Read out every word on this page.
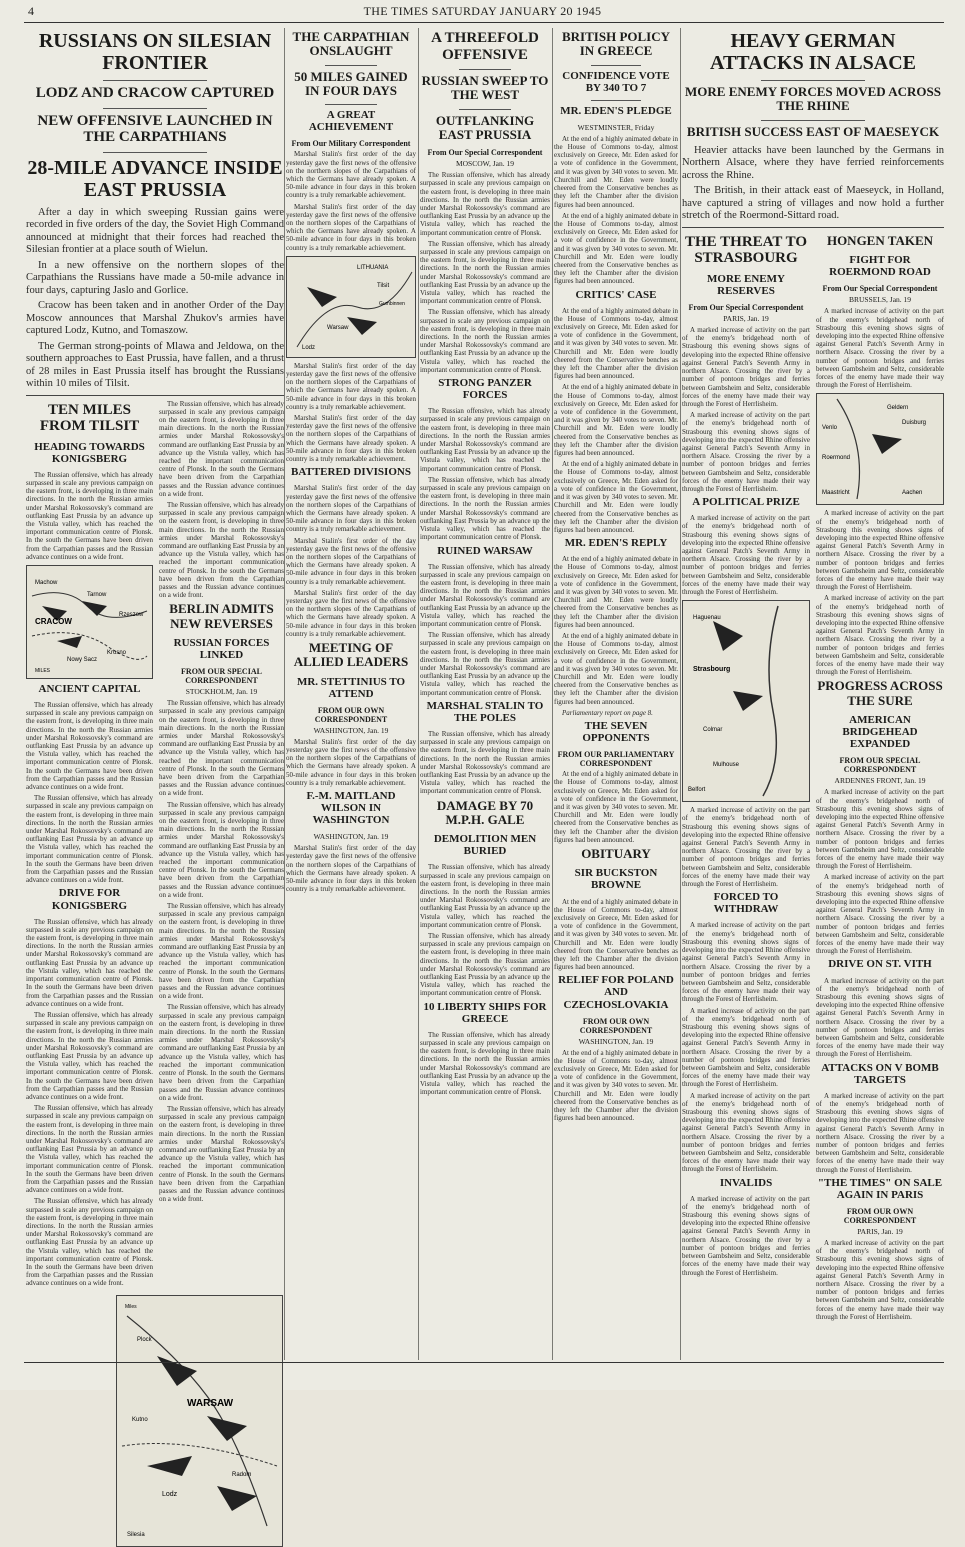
4	THE TIMES SATURDAY JANUARY 20 1945
RUSSIANS ON SILESIAN FRONTIER
LODZ AND CRACOW CAPTURED
NEW OFFENSIVE LAUNCHED IN THE CARPATHIANS
28-MILE ADVANCE INSIDE EAST PRUSSIA

After a day in which sweeping Russian gains were recorded in five orders of the day, the Soviet High Command announced at midnight that their forces had reached the Silesian frontier at a place south of Wielun.

In a new offensive on the northern slopes of the Carpathians the Russians have made a 50-mile advance in four days, capturing Jaslo and Gorlice.

Cracow has been taken and in another Order of the Day Moscow announces that Marshal Zhukov's armies have captured Lodz, Kutno, and Tomaszow.

The German strong-points of Mlawa and Jeldowa, on the southern approaches to East Prussia, have fallen, and a thrust of 28 miles in East Prussia itself has brought the Russians within 10 miles of Tilsit.

TEN MILES FROM TILSIT
HEADING TOWARDS KONIGSBERG

The Russian offensive, which has already surpassed in scale any previous campaign on the eastern front, is developing in three main directions. In the north the Russian armies under Marshal Rokossovsky's command are outflanking East Prussia by an advance up the Vistula valley, which has reached the important communication centre of Plonsk. In the south the Germans have been driven from the Carpathian passes and the Russian advance continues on a wide front.

CRACOW
Machow
Tarnow
Rzeszow
Nowy Sacz
Krosno
MILES
ANCIENT CAPITAL

The Russian offensive, which has already surpassed in scale any previous campaign on the eastern front, is developing in three main directions. In the north the Russian armies under Marshal Rokossovsky's command are outflanking East Prussia by an advance up the Vistula valley, which has reached the important communication centre of Plonsk. In the south the Germans have been driven from the Carpathian passes and the Russian advance continues on a wide front.

The Russian offensive, which has already surpassed in scale any previous campaign on the eastern front, is developing in three main directions. In the north the Russian armies under Marshal Rokossovsky's command are outflanking East Prussia by an advance up the Vistula valley, which has reached the important communication centre of Plonsk. In the south the Germans have been driven from the Carpathian passes and the Russian advance continues on a wide front.

DRIVE FOR KONIGSBERG

The Russian offensive, which has already surpassed in scale any previous campaign on the eastern front, is developing in three main directions. In the north the Russian armies under Marshal Rokossovsky's command are outflanking East Prussia by an advance up the Vistula valley, which has reached the important communication centre of Plonsk. In the south the Germans have been driven from the Carpathian passes and the Russian advance continues on a wide front.

The Russian offensive, which has already surpassed in scale any previous campaign on the eastern front, is developing in three main directions. In the north the Russian armies under Marshal Rokossovsky's command are outflanking East Prussia by an advance up the Vistula valley, which has reached the important communication centre of Plonsk. In the south the Germans have been driven from the Carpathian passes and the Russian advance continues on a wide front.

The Russian offensive, which has already surpassed in scale any previous campaign on the eastern front, is developing in three main directions. In the north the Russian armies under Marshal Rokossovsky's command are outflanking East Prussia by an advance up the Vistula valley, which has reached the important communication centre of Plonsk. In the south the Germans have been driven from the Carpathian passes and the Russian advance continues on a wide front.

The Russian offensive, which has already surpassed in scale any previous campaign on the eastern front, is developing in three main directions. In the north the Russian armies under Marshal Rokossovsky's command are outflanking East Prussia by an advance up the Vistula valley, which has reached the important communication centre of Plonsk. In the south the Germans have been driven from the Carpathian passes and the Russian advance continues on a wide front.

The Russian offensive, which has already surpassed in scale any previous campaign on the eastern front, is developing in three main directions. In the north the Russian armies under Marshal Rokossovsky's command are outflanking East Prussia by an advance up the Vistula valley, which has reached the important communication centre of Plonsk. In the south the Germans have been driven from the Carpathian passes and the Russian advance continues on a wide front.

The Russian offensive, which has already surpassed in scale any previous campaign on the eastern front, is developing in three main directions. In the north the Russian armies under Marshal Rokossovsky's command are outflanking East Prussia by an advance up the Vistula valley, which has reached the important communication centre of Plonsk. In the south the Germans have been driven from the Carpathian passes and the Russian advance continues on a wide front.

BERLIN ADMITS NEW REVERSES
RUSSIAN FORCES LINKED
FROM OUR SPECIAL CORRESPONDENT
STOCKHOLM, Jan. 19

The Russian offensive, which has already surpassed in scale any previous campaign on the eastern front, is developing in three main directions. In the north the Russian armies under Marshal Rokossovsky's command are outflanking East Prussia by an advance up the Vistula valley, which has reached the important communication centre of Plonsk. In the south the Germans have been driven from the Carpathian passes and the Russian advance continues on a wide front.

The Russian offensive, which has already surpassed in scale any previous campaign on the eastern front, is developing in three main directions. In the north the Russian armies under Marshal Rokossovsky's command are outflanking East Prussia by an advance up the Vistula valley, which has reached the important communication centre of Plonsk. In the south the Germans have been driven from the Carpathian passes and the Russian advance continues on a wide front.

The Russian offensive, which has already surpassed in scale any previous campaign on the eastern front, is developing in three main directions. In the north the Russian armies under Marshal Rokossovsky's command are outflanking East Prussia by an advance up the Vistula valley, which has reached the important communication centre of Plonsk. In the south the Germans have been driven from the Carpathian passes and the Russian advance continues on a wide front.

The Russian offensive, which has already surpassed in scale any previous campaign on the eastern front, is developing in three main directions. In the north the Russian armies under Marshal Rokossovsky's command are outflanking East Prussia by an advance up the Vistula valley, which has reached the important communication centre of Plonsk. In the south the Germans have been driven from the Carpathian passes and the Russian advance continues on a wide front.

The Russian offensive, which has already surpassed in scale any previous campaign on the eastern front, is developing in three main directions. In the north the Russian armies under Marshal Rokossovsky's command are outflanking East Prussia by an advance up the Vistula valley, which has reached the important communication centre of Plonsk. In the south the Germans have been driven from the Carpathian passes and the Russian advance continues on a wide front.

WARSAW
Plock
Kutno
Lodz
Radom
Silesia
Miles
THE CARPATHIAN ONSLAUGHT
50 MILES GAINED IN FOUR DAYS
A GREAT ACHIEVEMENT
From Our Military Correspondent

Marshal Stalin's first order of the day yesterday gave the first news of the offensive on the northern slopes of the Carpathians of which the Germans have already spoken. A 50-mile advance in four days in this broken country is a truly remarkable achievement.

Marshal Stalin's first order of the day yesterday gave the first news of the offensive on the northern slopes of the Carpathians of which the Germans have already spoken. A 50-mile advance in four days in this broken country is a truly remarkable achievement.

LITHUANIA
Tilsit
Gumbinnen
Warsaw
Lodz

Marshal Stalin's first order of the day yesterday gave the first news of the offensive on the northern slopes of the Carpathians of which the Germans have already spoken. A 50-mile advance in four days in this broken country is a truly remarkable achievement.

Marshal Stalin's first order of the day yesterday gave the first news of the offensive on the northern slopes of the Carpathians of which the Germans have already spoken. A 50-mile advance in four days in this broken country is a truly remarkable achievement.

BATTERED DIVISIONS

Marshal Stalin's first order of the day yesterday gave the first news of the offensive on the northern slopes of the Carpathians of which the Germans have already spoken. A 50-mile advance in four days in this broken country is a truly remarkable achievement.

Marshal Stalin's first order of the day yesterday gave the first news of the offensive on the northern slopes of the Carpathians of which the Germans have already spoken. A 50-mile advance in four days in this broken country is a truly remarkable achievement.

Marshal Stalin's first order of the day yesterday gave the first news of the offensive on the northern slopes of the Carpathians of which the Germans have already spoken. A 50-mile advance in four days in this broken country is a truly remarkable achievement.

MEETING OF ALLIED LEADERS
MR. STETTINIUS TO ATTEND
FROM OUR OWN CORRESPONDENT
WASHINGTON, Jan. 19

Marshal Stalin's first order of the day yesterday gave the first news of the offensive on the northern slopes of the Carpathians of which the Germans have already spoken. A 50-mile advance in four days in this broken country is a truly remarkable achievement.

F.-M. MAITLAND WILSON IN WASHINGTON
WASHINGTON, Jan. 19

Marshal Stalin's first order of the day yesterday gave the first news of the offensive on the northern slopes of the Carpathians of which the Germans have already spoken. A 50-mile advance in four days in this broken country is a truly remarkable achievement.

A THREEFOLD OFFENSIVE
RUSSIAN SWEEP TO THE WEST
OUTFLANKING EAST PRUSSIA
From Our Special Correspondent
MOSCOW, Jan. 19

The Russian offensive, which has already surpassed in scale any previous campaign on the eastern front, is developing in three main directions. In the north the Russian armies under Marshal Rokossovsky's command are outflanking East Prussia by an advance up the Vistula valley, which has reached the important communication centre of Plonsk.

The Russian offensive, which has already surpassed in scale any previous campaign on the eastern front, is developing in three main directions. In the north the Russian armies under Marshal Rokossovsky's command are outflanking East Prussia by an advance up the Vistula valley, which has reached the important communication centre of Plonsk.

The Russian offensive, which has already surpassed in scale any previous campaign on the eastern front, is developing in three main directions. In the north the Russian armies under Marshal Rokossovsky's command are outflanking East Prussia by an advance up the Vistula valley, which has reached the important communication centre of Plonsk.

STRONG PANZER FORCES

The Russian offensive, which has already surpassed in scale any previous campaign on the eastern front, is developing in three main directions. In the north the Russian armies under Marshal Rokossovsky's command are outflanking East Prussia by an advance up the Vistula valley, which has reached the important communication centre of Plonsk.

The Russian offensive, which has already surpassed in scale any previous campaign on the eastern front, is developing in three main directions. In the north the Russian armies under Marshal Rokossovsky's command are outflanking East Prussia by an advance up the Vistula valley, which has reached the important communication centre of Plonsk.

RUINED WARSAW

The Russian offensive, which has already surpassed in scale any previous campaign on the eastern front, is developing in three main directions. In the north the Russian armies under Marshal Rokossovsky's command are outflanking East Prussia by an advance up the Vistula valley, which has reached the important communication centre of Plonsk.

The Russian offensive, which has already surpassed in scale any previous campaign on the eastern front, is developing in three main directions. In the north the Russian armies under Marshal Rokossovsky's command are outflanking East Prussia by an advance up the Vistula valley, which has reached the important communication centre of Plonsk.

MARSHAL STALIN TO THE POLES

The Russian offensive, which has already surpassed in scale any previous campaign on the eastern front, is developing in three main directions. In the north the Russian armies under Marshal Rokossovsky's command are outflanking East Prussia by an advance up the Vistula valley, which has reached the important communication centre of Plonsk.

DAMAGE BY 70 M.P.H. GALE
DEMOLITION MEN BURIED

The Russian offensive, which has already surpassed in scale any previous campaign on the eastern front, is developing in three main directions. In the north the Russian armies under Marshal Rokossovsky's command are outflanking East Prussia by an advance up the Vistula valley, which has reached the important communication centre of Plonsk.

The Russian offensive, which has already surpassed in scale any previous campaign on the eastern front, is developing in three main directions. In the north the Russian armies under Marshal Rokossovsky's command are outflanking East Prussia by an advance up the Vistula valley, which has reached the important communication centre of Plonsk.

10 LIBERTY SHIPS FOR GREECE

The Russian offensive, which has already surpassed in scale any previous campaign on the eastern front, is developing in three main directions. In the north the Russian armies under Marshal Rokossovsky's command are outflanking East Prussia by an advance up the Vistula valley, which has reached the important communication centre of Plonsk.

BRITISH POLICY IN GREECE
CONFIDENCE VOTE BY 340 TO 7
MR. EDEN'S PLEDGE
WESTMINSTER, Friday

At the end of a highly animated debate in the House of Commons to-day, almost exclusively on Greece, Mr. Eden asked for a vote of confidence in the Government, and it was given by 340 votes to seven. Mr. Churchill and Mr. Eden were loudly cheered from the Conservative benches as they left the Chamber after the division figures had been announced.

At the end of a highly animated debate in the House of Commons to-day, almost exclusively on Greece, Mr. Eden asked for a vote of confidence in the Government, and it was given by 340 votes to seven. Mr. Churchill and Mr. Eden were loudly cheered from the Conservative benches as they left the Chamber after the division figures had been announced.

CRITICS' CASE

At the end of a highly animated debate in the House of Commons to-day, almost exclusively on Greece, Mr. Eden asked for a vote of confidence in the Government, and it was given by 340 votes to seven. Mr. Churchill and Mr. Eden were loudly cheered from the Conservative benches as they left the Chamber after the division figures had been announced.

At the end of a highly animated debate in the House of Commons to-day, almost exclusively on Greece, Mr. Eden asked for a vote of confidence in the Government, and it was given by 340 votes to seven. Mr. Churchill and Mr. Eden were loudly cheered from the Conservative benches as they left the Chamber after the division figures had been announced.

At the end of a highly animated debate in the House of Commons to-day, almost exclusively on Greece, Mr. Eden asked for a vote of confidence in the Government, and it was given by 340 votes to seven. Mr. Churchill and Mr. Eden were loudly cheered from the Conservative benches as they left the Chamber after the division figures had been announced.

MR. EDEN'S REPLY

At the end of a highly animated debate in the House of Commons to-day, almost exclusively on Greece, Mr. Eden asked for a vote of confidence in the Government, and it was given by 340 votes to seven. Mr. Churchill and Mr. Eden were loudly cheered from the Conservative benches as they left the Chamber after the division figures had been announced.

At the end of a highly animated debate in the House of Commons to-day, almost exclusively on Greece, Mr. Eden asked for a vote of confidence in the Government, and it was given by 340 votes to seven. Mr. Churchill and Mr. Eden were loudly cheered from the Conservative benches as they left the Chamber after the division figures had been announced.

Parliamentary report on page 8.

THE SEVEN OPPONENTS
FROM OUR PARLIAMENTARY CORRESPONDENT

At the end of a highly animated debate in the House of Commons to-day, almost exclusively on Greece, Mr. Eden asked for a vote of confidence in the Government, and it was given by 340 votes to seven. Mr. Churchill and Mr. Eden were loudly cheered from the Conservative benches as they left the Chamber after the division figures had been announced.

OBITUARY
SIR BUCKSTON BROWNE

At the end of a highly animated debate in the House of Commons to-day, almost exclusively on Greece, Mr. Eden asked for a vote of confidence in the Government, and it was given by 340 votes to seven. Mr. Churchill and Mr. Eden were loudly cheered from the Conservative benches as they left the Chamber after the division figures had been announced.

RELIEF FOR POLAND AND CZECHOSLOVAKIA
FROM OUR OWN CORRESPONDENT
WASHINGTON, Jan. 19

At the end of a highly animated debate in the House of Commons to-day, almost exclusively on Greece, Mr. Eden asked for a vote of confidence in the Government, and it was given by 340 votes to seven. Mr. Churchill and Mr. Eden were loudly cheered from the Conservative benches as they left the Chamber after the division figures had been announced.

HEAVY GERMAN ATTACKS IN ALSACE
MORE ENEMY FORCES MOVED ACROSS THE RHINE
BRITISH SUCCESS EAST OF MAESEYCK

Heavier attacks have been launched by the Germans in Northern Alsace, where they have ferried reinforcements across the Rhine.

The British, in their attack east of Maeseyck, in Holland, have captured a string of villages and now hold a further stretch of the Roermond-Sittard road.

THE THREAT TO STRASBOURG
MORE ENEMY RESERVES
From Our Special Correspondent
PARIS, Jan. 19

A marked increase of activity on the part of the enemy's bridgehead north of Strasbourg this evening shows signs of developing into the expected Rhine offensive against General Patch's Seventh Army in northern Alsace. Crossing the river by a number of pontoon bridges and ferries between Gambsheim and Seltz, considerable forces of the enemy have made their way through the Forest of Herrlisheim.

A marked increase of activity on the part of the enemy's bridgehead north of Strasbourg this evening shows signs of developing into the expected Rhine offensive against General Patch's Seventh Army in northern Alsace. Crossing the river by a number of pontoon bridges and ferries between Gambsheim and Seltz, considerable forces of the enemy have made their way through the Forest of Herrlisheim.

A POLITICAL PRIZE

A marked increase of activity on the part of the enemy's bridgehead north of Strasbourg this evening shows signs of developing into the expected Rhine offensive against General Patch's Seventh Army in northern Alsace. Crossing the river by a number of pontoon bridges and ferries between Gambsheim and Seltz, considerable forces of the enemy have made their way through the Forest of Herrlisheim.

Strasbourg
Haguenau
Colmar
Mulhouse
Belfort

A marked increase of activity on the part of the enemy's bridgehead north of Strasbourg this evening shows signs of developing into the expected Rhine offensive against General Patch's Seventh Army in northern Alsace. Crossing the river by a number of pontoon bridges and ferries between Gambsheim and Seltz, considerable forces of the enemy have made their way through the Forest of Herrlisheim.

FORCED TO WITHDRAW

A marked increase of activity on the part of the enemy's bridgehead north of Strasbourg this evening shows signs of developing into the expected Rhine offensive against General Patch's Seventh Army in northern Alsace. Crossing the river by a number of pontoon bridges and ferries between Gambsheim and Seltz, considerable forces of the enemy have made their way through the Forest of Herrlisheim.

A marked increase of activity on the part of the enemy's bridgehead north of Strasbourg this evening shows signs of developing into the expected Rhine offensive against General Patch's Seventh Army in northern Alsace. Crossing the river by a number of pontoon bridges and ferries between Gambsheim and Seltz, considerable forces of the enemy have made their way through the Forest of Herrlisheim.

A marked increase of activity on the part of the enemy's bridgehead north of Strasbourg this evening shows signs of developing into the expected Rhine offensive against General Patch's Seventh Army in northern Alsace. Crossing the river by a number of pontoon bridges and ferries between Gambsheim and Seltz, considerable forces of the enemy have made their way through the Forest of Herrlisheim.

INVALIDS

A marked increase of activity on the part of the enemy's bridgehead north of Strasbourg this evening shows signs of developing into the expected Rhine offensive against General Patch's Seventh Army in northern Alsace. Crossing the river by a number of pontoon bridges and ferries between Gambsheim and Seltz, considerable forces of the enemy have made their way through the Forest of Herrlisheim.

HONGEN TAKEN
FIGHT FOR ROERMOND ROAD
From Our Special Correspondent
BRUSSELS, Jan. 19

A marked increase of activity on the part of the enemy's bridgehead north of Strasbourg this evening shows signs of developing into the expected Rhine offensive against General Patch's Seventh Army in northern Alsace. Crossing the river by a number of pontoon bridges and ferries between Gambsheim and Seltz, considerable forces of the enemy have made their way through the Forest of Herrlisheim.

Geldern
Duisburg
Venlo
Roermond
Maastricht	Aachen

A marked increase of activity on the part of the enemy's bridgehead north of Strasbourg this evening shows signs of developing into the expected Rhine offensive against General Patch's Seventh Army in northern Alsace. Crossing the river by a number of pontoon bridges and ferries between Gambsheim and Seltz, considerable forces of the enemy have made their way through the Forest of Herrlisheim.

A marked increase of activity on the part of the enemy's bridgehead north of Strasbourg this evening shows signs of developing into the expected Rhine offensive against General Patch's Seventh Army in northern Alsace. Crossing the river by a number of pontoon bridges and ferries between Gambsheim and Seltz, considerable forces of the enemy have made their way through the Forest of Herrlisheim.

PROGRESS ACROSS THE SURE
AMERICAN BRIDGEHEAD EXPANDED
FROM OUR SPECIAL CORRESPONDENT
ARDENNES FRONT, Jan. 19

A marked increase of activity on the part of the enemy's bridgehead north of Strasbourg this evening shows signs of developing into the expected Rhine offensive against General Patch's Seventh Army in northern Alsace. Crossing the river by a number of pontoon bridges and ferries between Gambsheim and Seltz, considerable forces of the enemy have made their way through the Forest of Herrlisheim.

A marked increase of activity on the part of the enemy's bridgehead north of Strasbourg this evening shows signs of developing into the expected Rhine offensive against General Patch's Seventh Army in northern Alsace. Crossing the river by a number of pontoon bridges and ferries between Gambsheim and Seltz, considerable forces of the enemy have made their way through the Forest of Herrlisheim.

DRIVE ON ST. VITH

A marked increase of activity on the part of the enemy's bridgehead north of Strasbourg this evening shows signs of developing into the expected Rhine offensive against General Patch's Seventh Army in northern Alsace. Crossing the river by a number of pontoon bridges and ferries between Gambsheim and Seltz, considerable forces of the enemy have made their way through the Forest of Herrlisheim.

ATTACKS ON V BOMB TARGETS

A marked increase of activity on the part of the enemy's bridgehead north of Strasbourg this evening shows signs of developing into the expected Rhine offensive against General Patch's Seventh Army in northern Alsace. Crossing the river by a number of pontoon bridges and ferries between Gambsheim and Seltz, considerable forces of the enemy have made their way through the Forest of Herrlisheim.

"THE TIMES" ON SALE AGAIN IN PARIS
FROM OUR OWN CORRESPONDENT
PARIS, Jan. 19

A marked increase of activity on the part of the enemy's bridgehead north of Strasbourg this evening shows signs of developing into the expected Rhine offensive against General Patch's Seventh Army in northern Alsace. Crossing the river by a number of pontoon bridges and ferries between Gambsheim and Seltz, considerable forces of the enemy have made their way through the Forest of Herrlisheim.
